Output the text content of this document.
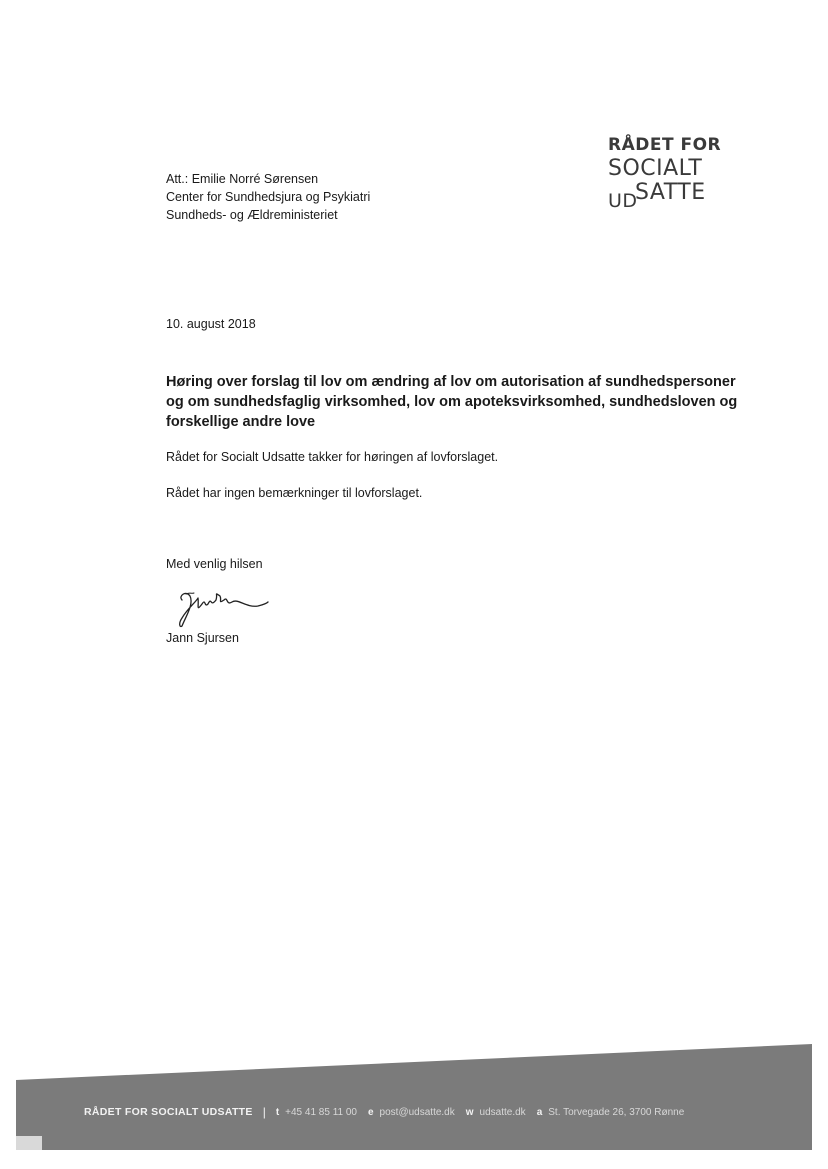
Att.: Emilie Norré Sørensen
Center for Sundhedsjura og Psykiatri
Sundheds- og Ældreministeriet
RÅDET FOR
SOCIALT
UD
SATTE
10. august 2018
Høring over forslag til lov om ændring af lov om autorisation af sundhedspersoner og om sundhedsfaglig virksomhed, lov om apoteksvirksomhed, sundhedsloven og forskellige andre love
Rådet for Socialt Udsatte takker for høringen af lovforslaget.
Rådet har ingen bemærkninger til lovforslaget.
Med venlig hilsen
Jann Sjursen
RÅDET FOR SOCIALT UDSATTE | t +45 41 85 11 00 e post@udsatte.dk w udsatte.dk a St. Torvegade 26, 3700 Rønne
